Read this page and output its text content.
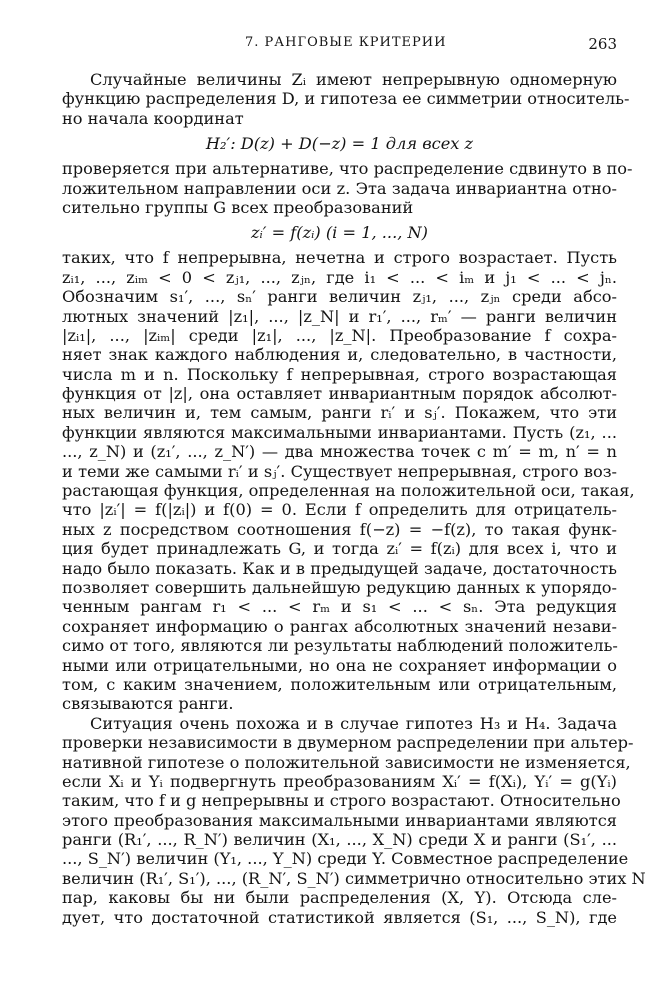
7. РАНГОВЫЕ КРИТЕРИИ	263
Случайные величины Zᵢ имеют непрерывную одномерную
функцию распределения D, и гипотеза ее симметрии относитель-
но начала координат
H₂′: D(z) + D(−z) = 1 для всех z
проверяется при альтернативе, что распределение сдвинуто в по-
ложительном направлении оси z. Эта задача инвариантна отно-
сительно группы G всех преобразований
zᵢ′ = f(zᵢ) (i = 1, ..., N)
таких, что f непрерывна, нечетна и строго возрастает. Пусть
zᵢ₁, ..., zᵢₘ < 0 < zⱼ₁, ..., zⱼₙ, где i₁ < ... < iₘ и j₁ < ... < jₙ.
Обозначим s₁′, ..., sₙ′ ранги величин zⱼ₁, ..., zⱼₙ среди абсо-
лютных значений |z₁|, ..., |z_N| и r₁′, ..., rₘ′ — ранги величин
|zᵢ₁|, ..., |zᵢₘ| среди |z₁|, ..., |z_N|. Преобразование f сохра-
няет знак каждого наблюдения и, следовательно, в частности,
числа m и n. Поскольку f непрерывная, строго возрастающая
функция от |z|, она оставляет инвариантным порядок абсолют-
ных величин и, тем самым, ранги rᵢ′ и sⱼ′. Покажем, что эти
функции являются максимальными инвариантами. Пусть (z₁, ...
..., z_N) и (z₁′, ..., z_N′) — два множества точек с m′ = m, n′ = n
и теми же самыми rᵢ′ и sⱼ′. Существует непрерывная, строго воз-
растающая функция, определенная на положительной оси, такая,
что |zᵢ′| = f(|zᵢ|) и f(0) = 0. Если f определить для отрицатель-
ных z посредством соотношения f(−z) = −f(z), то такая функ-
ция будет принадлежать G, и тогда zᵢ′ = f(zᵢ) для всех i, что и
надо было показать. Как и в предыдущей задаче, достаточность
позволяет совершить дальнейшую редукцию данных к упорядо-
ченным рангам r₁ < ... < rₘ и s₁ < ... < sₙ. Эта редукция
сохраняет информацию о рангах абсолютных значений незави-
симо от того, являются ли результаты наблюдений положитель-
ными или отрицательными, но она не сохраняет информации о
том, с каким значением, положительным или отрицательным,
связываются ранги.
Ситуация очень похожа и в случае гипотез H₃ и H₄. Задача
проверки независимости в двумерном распределении при альтер-
нативной гипотезе о положительной зависимости не изменяется,
если Xᵢ и Yᵢ подвергнуть преобразованиям Xᵢ′ = f(Xᵢ), Yᵢ′ = g(Yᵢ)
таким, что f и g непрерывны и строго возрастают. Относительно
этого преобразования максимальными инвариантами являются
ранги (R₁′, ..., R_N′) величин (X₁, ..., X_N) среди X и ранги (S₁′, ...
..., S_N′) величин (Y₁, ..., Y_N) среди Y. Совместное распределение
величин (R₁′, S₁′), ..., (R_N′, S_N′) симметрично относительно этих N
пар, каковы бы ни были распределения (X, Y). Отсюда сле-
дует, что достаточной статистикой является (S₁, ..., S_N), где
